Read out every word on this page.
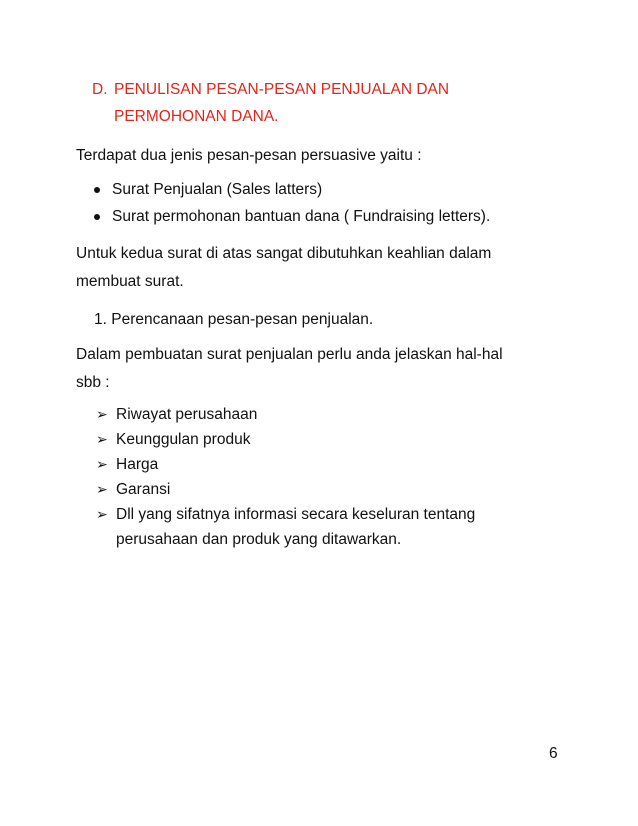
D. PENULISAN PESAN-PESAN PENJUALAN DAN
PERMOHONAN DANA.
Terdapat dua jenis pesan-pesan persuasive yaitu :
Surat Penjualan (Sales latters)
Surat permohonan bantuan dana ( Fundraising letters).
Untuk kedua surat di atas sangat dibutuhkan keahlian dalam
membuat surat.
1. Perencanaan pesan-pesan penjualan.
Dalam pembuatan surat penjualan perlu anda jelaskan hal-hal
sbb :
➢ Riwayat perusahaan
➢ Keunggulan produk
➢ Harga
➢ Garansi
➢ Dll yang sifatnya informasi secara keseluran tentang
perusahaan dan produk yang ditawarkan.
6
